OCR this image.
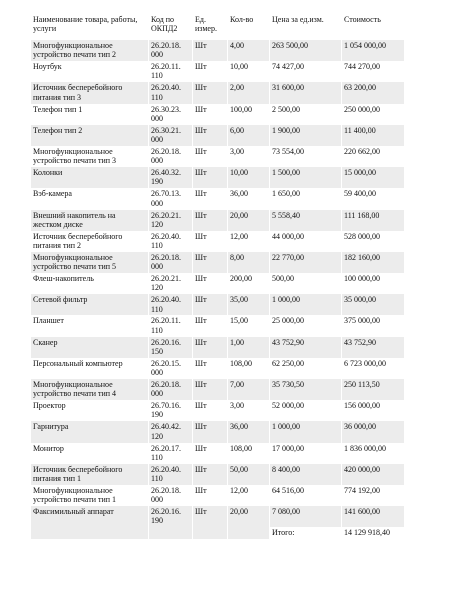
Наименование товара, работы, услуги	Код по ОКПД2	Ед. измер.	Кол-во	Цена за ед.изм.	Стоимость
Многофункциональное устройство печати тип 2	26.20.18. 000	Шт	4,00	263 500,00	1 054 000,00
Ноутбук	26.20.11. 110	Шт	10,00	74 427,00	744 270,00
Источник бесперебойного питания тип 3	26.20.40. 110	Шт	2,00	31 600,00	63 200,00
Телефон тип 1	26.30.23. 000	Шт	100,00	2 500,00	250 000,00
Телефон тип 2	26.30.21. 000	Шт	6,00	1 900,00	11 400,00
Многофункциональное устройство печати тип 3	26.20.18. 000	Шт	3,00	73 554,00	220 662,00
Колонки	26.40.32. 190	Шт	10,00	1 500,00	15 000,00
Вэб-камера	26.70.13. 000	Шт	36,00	1 650,00	59 400,00
Внешний накопитель на жестком диске	26.20.21. 120	Шт	20,00	5 558,40	111 168,00
Источник бесперебойного питания тип 2	26.20.40. 110	Шт	12,00	44 000,00	528 000,00
Многофункциональное устройство печати тип 5	26.20.18. 000	Шт	8,00	22 770,00	182 160,00
Флеш-накопитель	26.20.21. 120	Шт	200,00	500,00	100 000,00
Сетевой фильтр	26.20.40. 110	Шт	35,00	1 000,00	35 000,00
Планшет	26.20.11. 110	Шт	15,00	25 000,00	375 000,00
Сканер	26.20.16. 150	Шт	1,00	43 752,90	43 752,90
Персональный компьютер	26.20.15. 000	Шт	108,00	62 250,00	6 723 000,00
Многофункциональное устройство печати тип 4	26.20.18. 000	Шт	7,00	35 730,50	250 113,50
Проектор	26.70.16. 190	Шт	3,00	52 000,00	156 000,00
Гарнитура	26.40.42. 120	Шт	36,00	1 000,00	36 000,00
Монитор	26.20.17. 110	Шт	108,00	17 000,00	1 836 000,00
Источник бесперебойного питания тип 1	26.20.40. 110	Шт	50,00	8 400,00	420 000,00
Многофункциональное устройство печати тип 1	26.20.18. 000	Шт	12,00	64 516,00	774 192,00
Факсимильный аппарат	26.20.16. 190	Шт	20,00	7 080,00	141 600,00
				Итого:	14 129 918,40
